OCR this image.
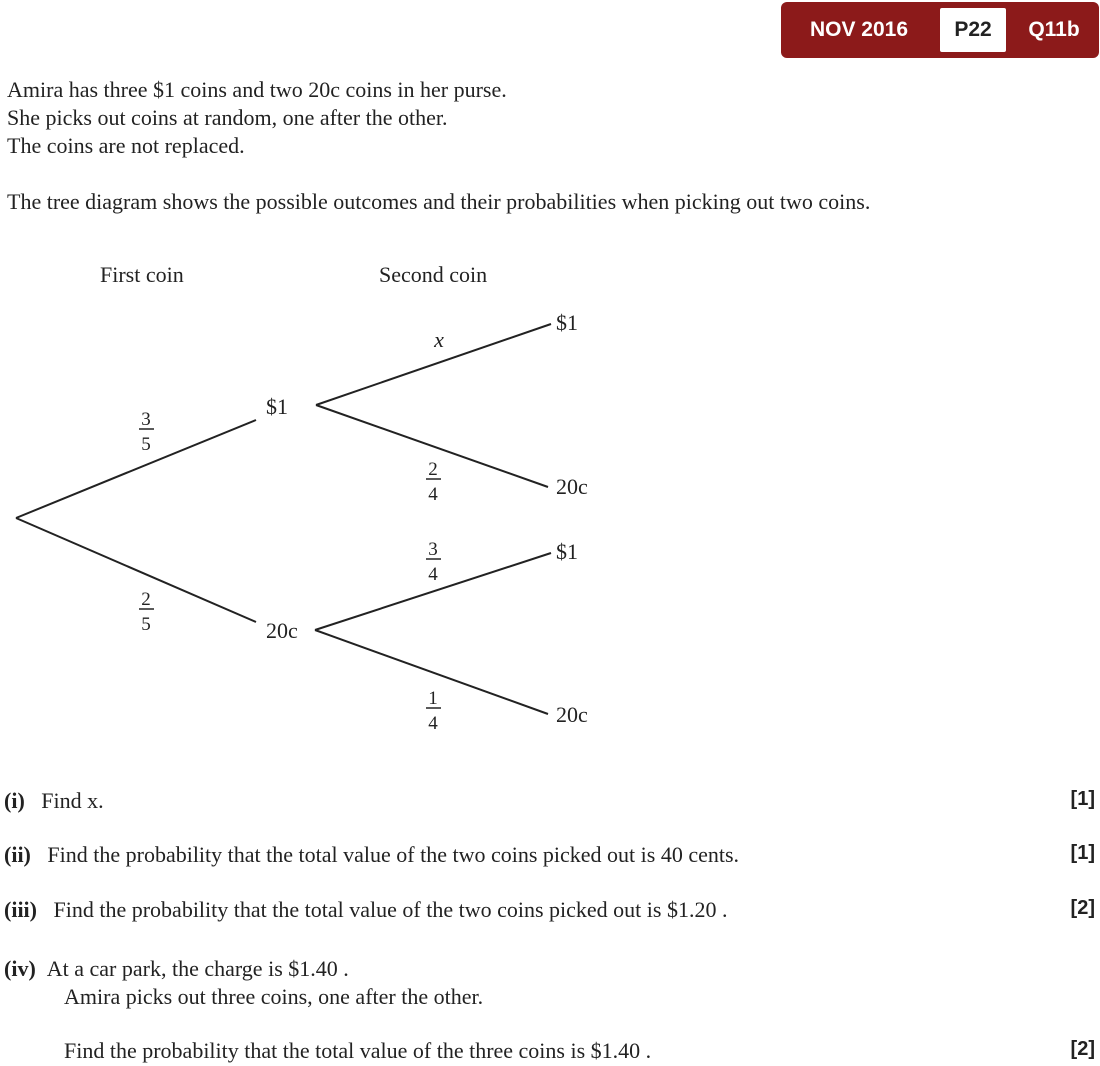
NOV 2016	P22	Q11b
Amira has three $1 coins and two 20c coins in her purse.
She picks out coins at random, one after the other.
The coins are not replaced.
The tree diagram shows the possible outcomes and their probabilities when picking out two coins.
First coin	Second coin
$1
20c
$1
20c
$1
20c
x
3
5
2
5
2
4
3
4
1
4
(i) Find x.	[1]
(ii) Find the probability that the total value of the two coins picked out is 40 cents.	[1]
(iii) Find the probability that the total value of the two coins picked out is $1.20 .	[2]
(iv) At a car park, the charge is $1.40 .
Amira picks out three coins, one after the other.
Find the probability that the total value of the three coins is $1.40 .	[2]
